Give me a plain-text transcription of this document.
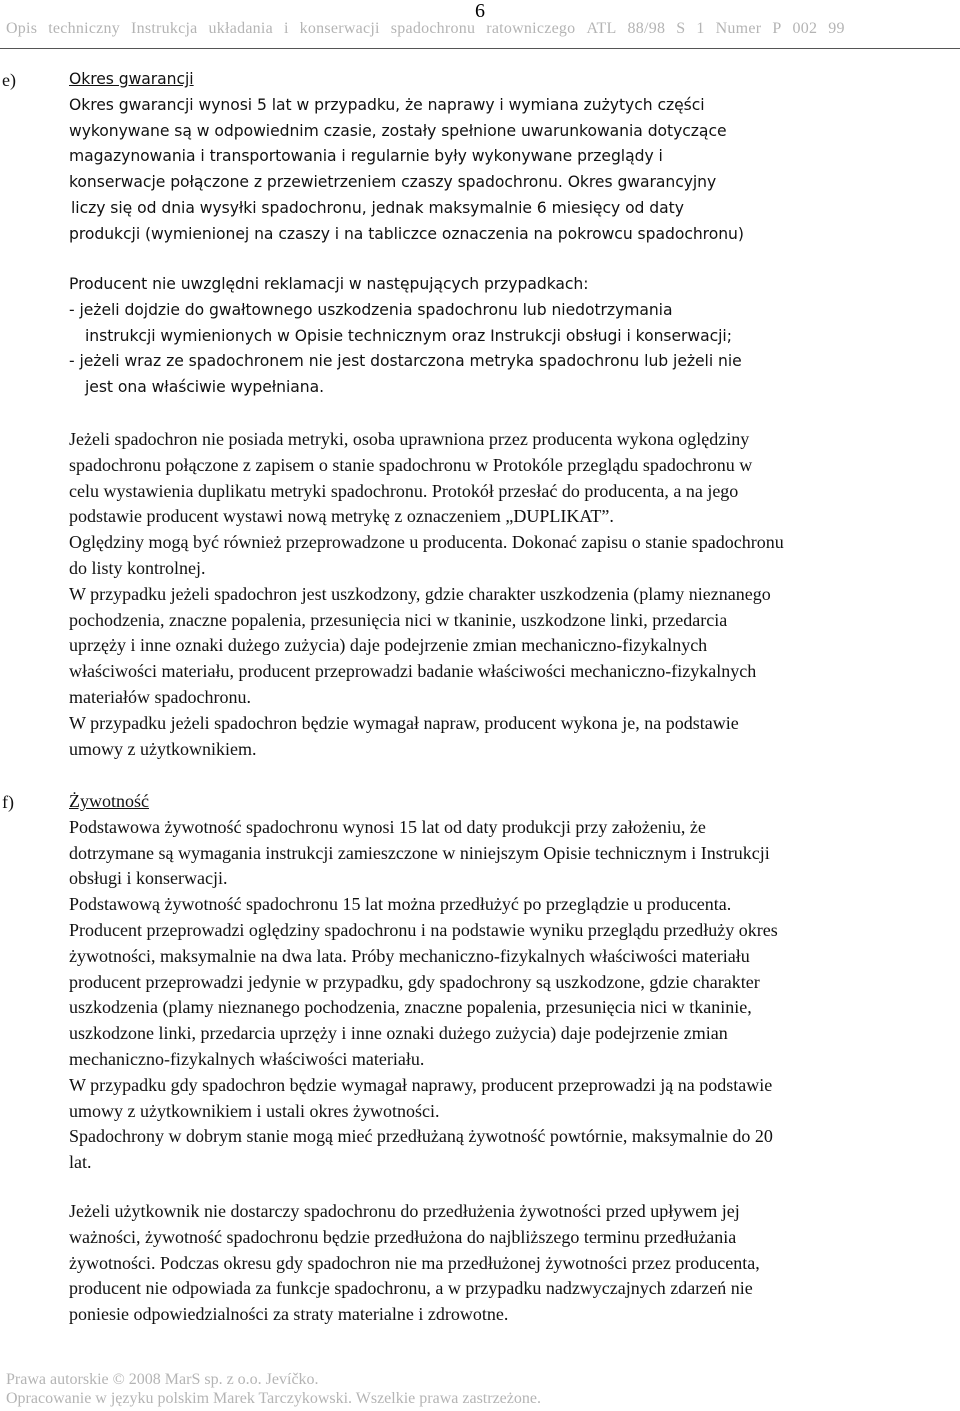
6
Opis techniczny Instrukcja układania i konserwacji spadochronu ratowniczego ATL 88/98 S 1 Numer P 002 99
e)	Okres gwarancji
Okres gwarancji wynosi 5 lat w przypadku, że naprawy i wymiana zużytych części
wykonywane są w odpowiednim czasie, zostały spełnione uwarunkowania dotyczące
magazynowania i transportowania i regularnie były wykonywane przeglądy i
konserwacje połączone z przewietrzeniem czaszy spadochronu. Okres gwarancyjny
liczy się od dnia wysyłki spadochronu, jednak maksymalnie 6 miesięcy od daty
produkcji (wymienionej na czaszy i na tabliczce oznaczenia na pokrowcu spadochronu)
Producent nie uwzględni reklamacji w następujących przypadkach:
- jeżeli dojdzie do gwałtownego uszkodzenia spadochronu lub niedotrzymania
instrukcji wymienionych w Opisie technicznym oraz Instrukcji obsługi i konserwacji;
- jeżeli wraz ze spadochronem nie jest dostarczona metryka spadochronu lub jeżeli nie
jest ona właściwie wypełniana.
Jeżeli spadochron nie posiada metryki, osoba uprawniona przez producenta wykona oględziny
spadochronu połączone z zapisem o stanie spadochronu w Protokóle przeglądu spadochronu w
celu wystawienia duplikatu metryki spadochronu. Protokół przesłać do producenta, a na jego
podstawie producent wystawi nową metrykę z oznaczeniem „DUPLIKAT”.
Oględziny mogą być również przeprowadzone u producenta. Dokonać zapisu o stanie spadochronu
do listy kontrolnej.
W przypadku jeżeli spadochron jest uszkodzony, gdzie charakter uszkodzenia (plamy nieznanego
pochodzenia, znaczne popalenia, przesunięcia nici w tkaninie, uszkodzone linki, przedarcia
uprzęży i inne oznaki dużego zużycia) daje podejrzenie zmian mechaniczno-fizykalnych
właściwości materiału, producent przeprowadzi badanie właściwości mechaniczno-fizykalnych
materiałów spadochronu.
W przypadku jeżeli spadochron będzie wymagał napraw, producent wykona je, na podstawie
umowy z użytkownikiem.
f)	Żywotność
Podstawowa żywotność spadochronu wynosi 15 lat od daty produkcji przy założeniu, że
dotrzymane są wymagania instrukcji zamieszczone w niniejszym Opisie technicznym i Instrukcji
obsługi i konserwacji.
Podstawową żywotność spadochronu 15 lat można przedłużyć po przeglądzie u producenta.
Producent przeprowadzi oględziny spadochronu i na podstawie wyniku przeglądu przedłuży okres
żywotności, maksymalnie na dwa lata. Próby mechaniczno-fizykalnych właściwości materiału
producent przeprowadzi jedynie w przypadku, gdy spadochrony są uszkodzone, gdzie charakter
uszkodzenia (plamy nieznanego pochodzenia, znaczne popalenia, przesunięcia nici w tkaninie,
uszkodzone linki, przedarcia uprzęży i inne oznaki dużego zużycia) daje podejrzenie zmian
mechaniczno-fizykalnych właściwości materiału.
W przypadku gdy spadochron będzie wymagał naprawy, producent przeprowadzi ją na podstawie
umowy z użytkownikiem i ustali okres żywotności.
Spadochrony w dobrym stanie mogą mieć przedłużaną żywotność powtórnie, maksymalnie do 20
lat.
Jeżeli użytkownik nie dostarczy spadochronu do przedłużenia żywotności przed upływem jej
ważności, żywotność spadochronu będzie przedłużona do najbliższego terminu przedłużania
żywotności. Podczas okresu gdy spadochron nie ma przedłużonej żywotności przez producenta,
producent nie odpowiada za funkcje spadochronu, a w przypadku nadzwyczajnych zdarzeń nie
poniesie odpowiedzialności za straty materialne i zdrowotne.
Prawa autorskie © 2008 MarS sp. z o.o. Jevíčko.
Opracowanie w języku polskim Marek Tarczykowski. Wszelkie prawa zastrzeżone.
